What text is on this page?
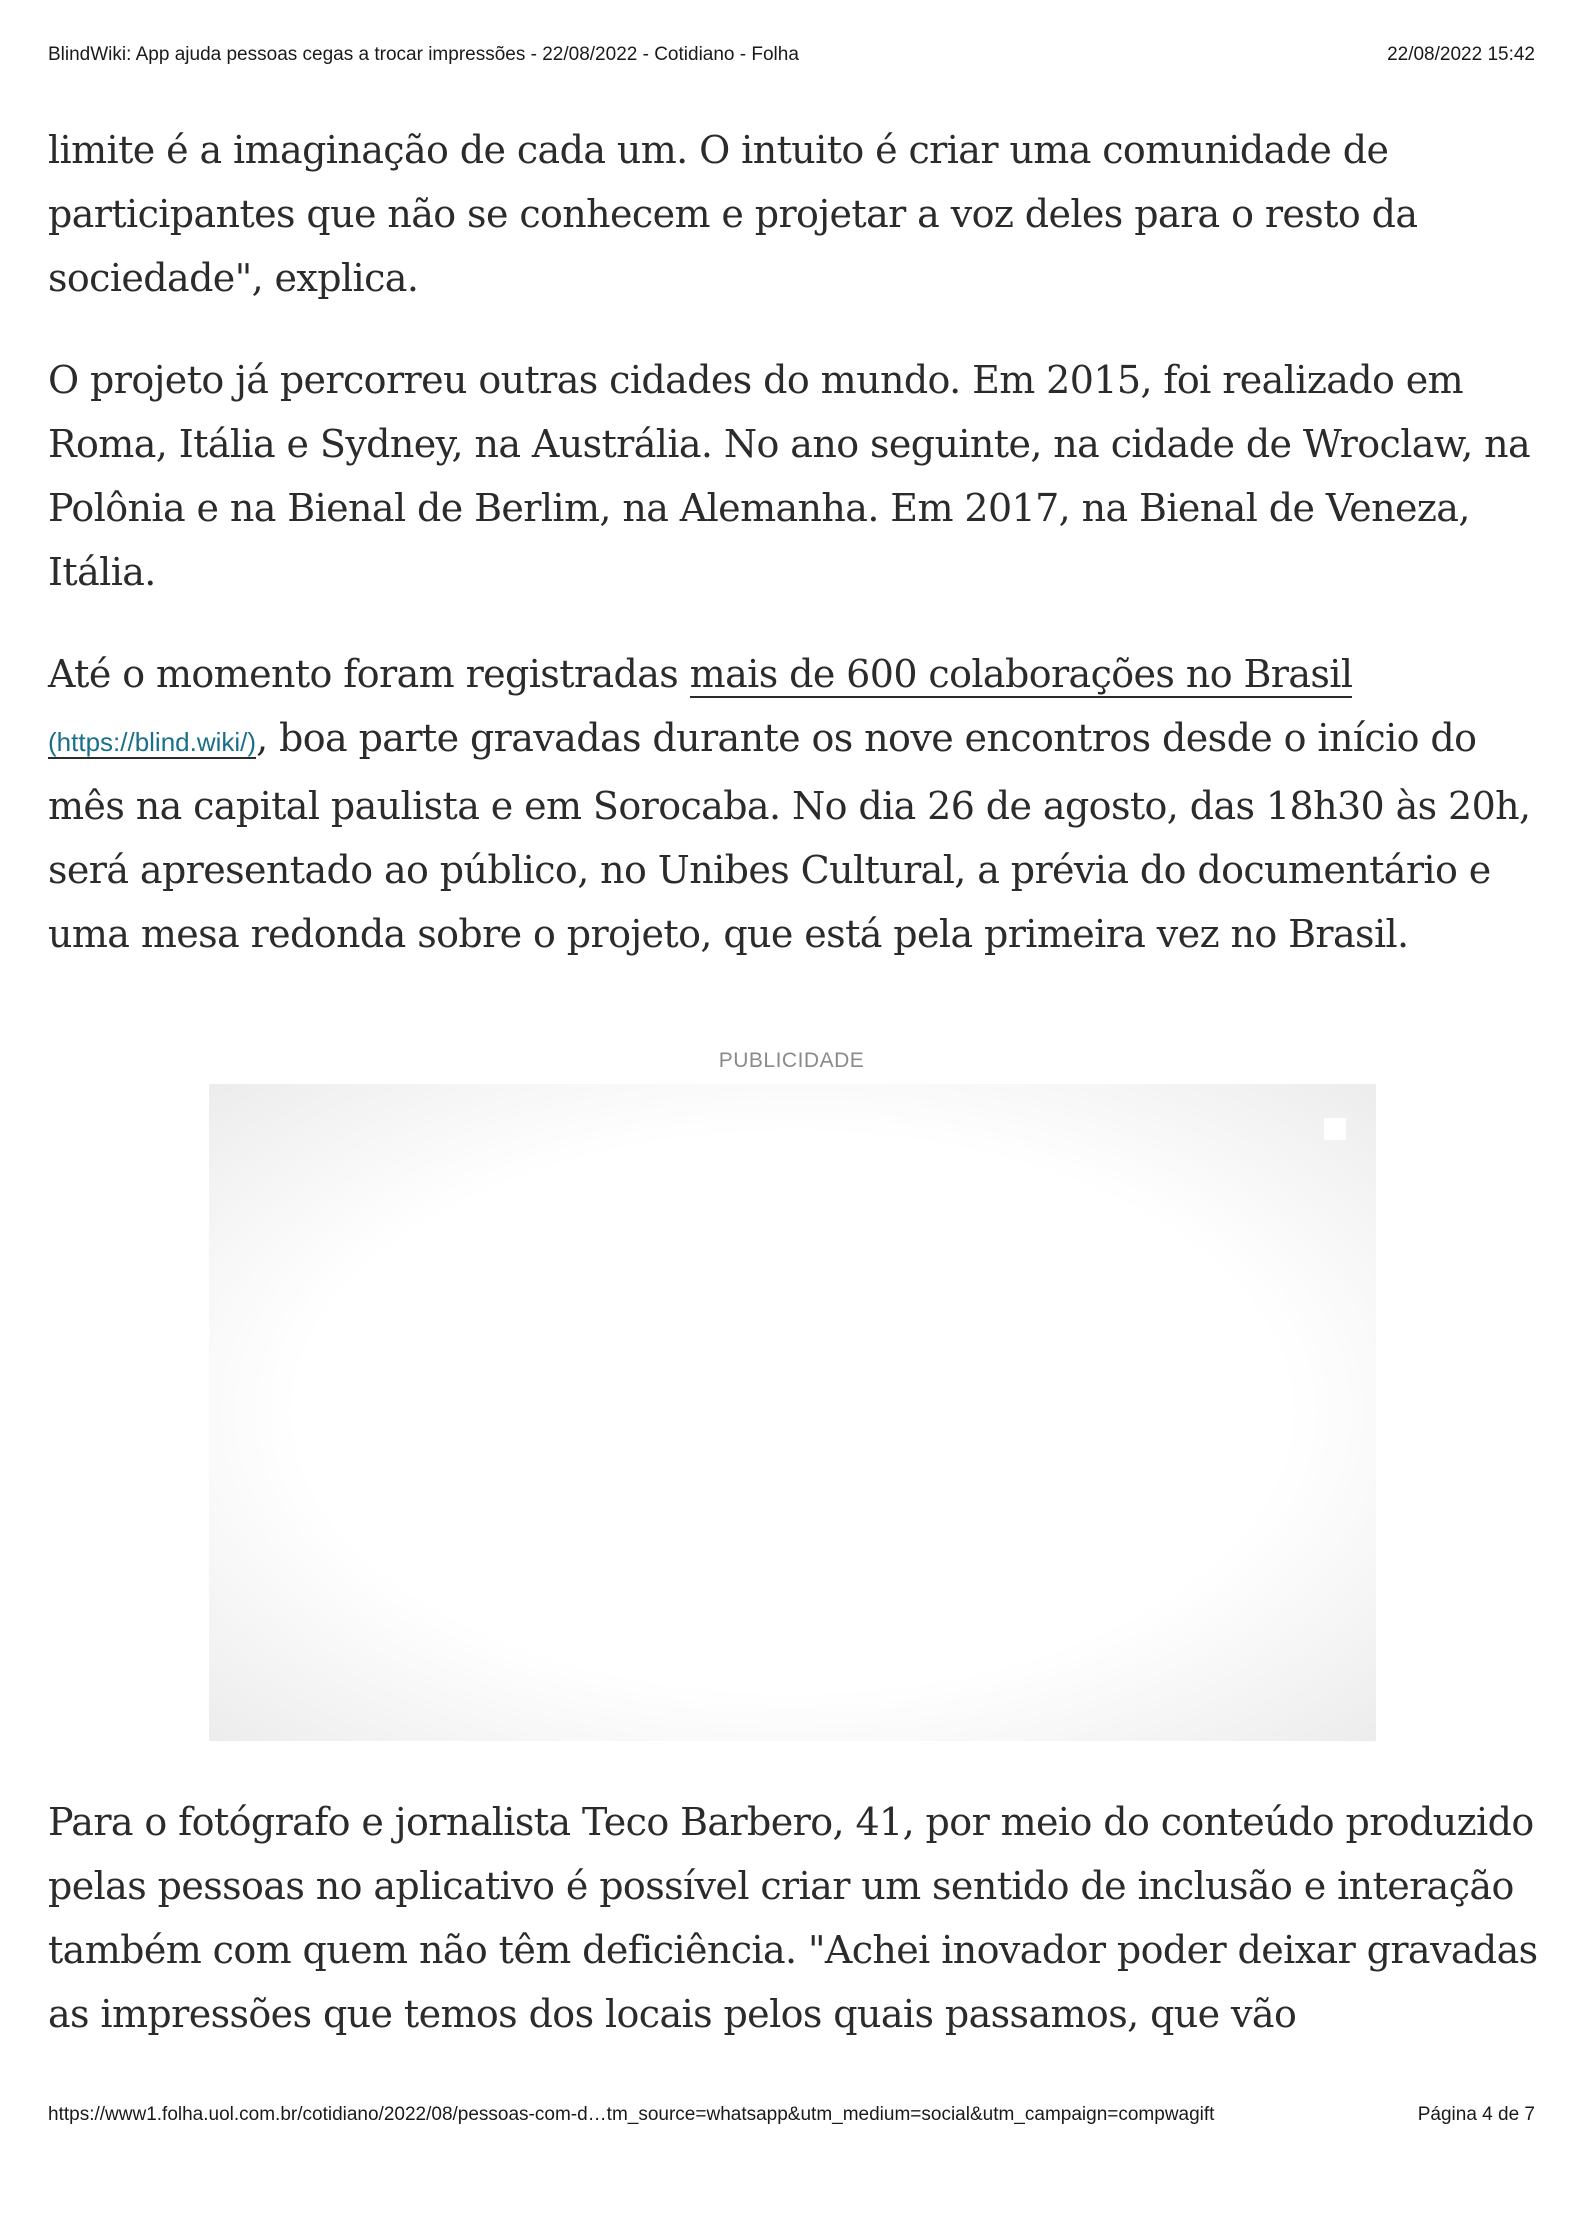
BlindWiki: App ajuda pessoas cegas a trocar impressões - 22/08/2022 - Cotidiano - Folha	22/08/2022 15:42

limite é a imaginação de cada um. O intuito é criar uma comunidade de participantes que não se conhecem e projetar a voz deles para o resto da sociedade", explica.

O projeto já percorreu outras cidades do mundo. Em 2015, foi realizado em Roma, Itália e Sydney, na Austrália. No ano seguinte, na cidade de Wroclaw, na Polônia e na Bienal de Berlim, na Alemanha. Em 2017, na Bienal de Veneza, Itália.

Até o momento foram registradas mais de 600 colaborações no Brasil
(https://blind.wiki/), boa parte gravadas durante os nove encontros desde o início do mês na capital paulista e em Sorocaba. No dia 26 de agosto, das 18h30 às 20h, será apresentado ao público, no Unibes Cultural, a prévia do documentário e uma mesa redonda sobre o projeto, que está pela primeira vez no Brasil.

PUBLICIDADE

Para o fotógrafo e jornalista Teco Barbero, 41, por meio do conteúdo produzido pelas pessoas no aplicativo é possível criar um sentido de inclusão e interação também com quem não têm deficiência. "Achei inovador poder deixar gravadas as impressões que temos dos locais pelos quais passamos, que vão

https://www1.folha.uol.com.br/cotidiano/2022/08/pessoas-com-d…tm_source=whatsapp&utm_medium=social&utm_campaign=compwagift	Página 4 de 7
